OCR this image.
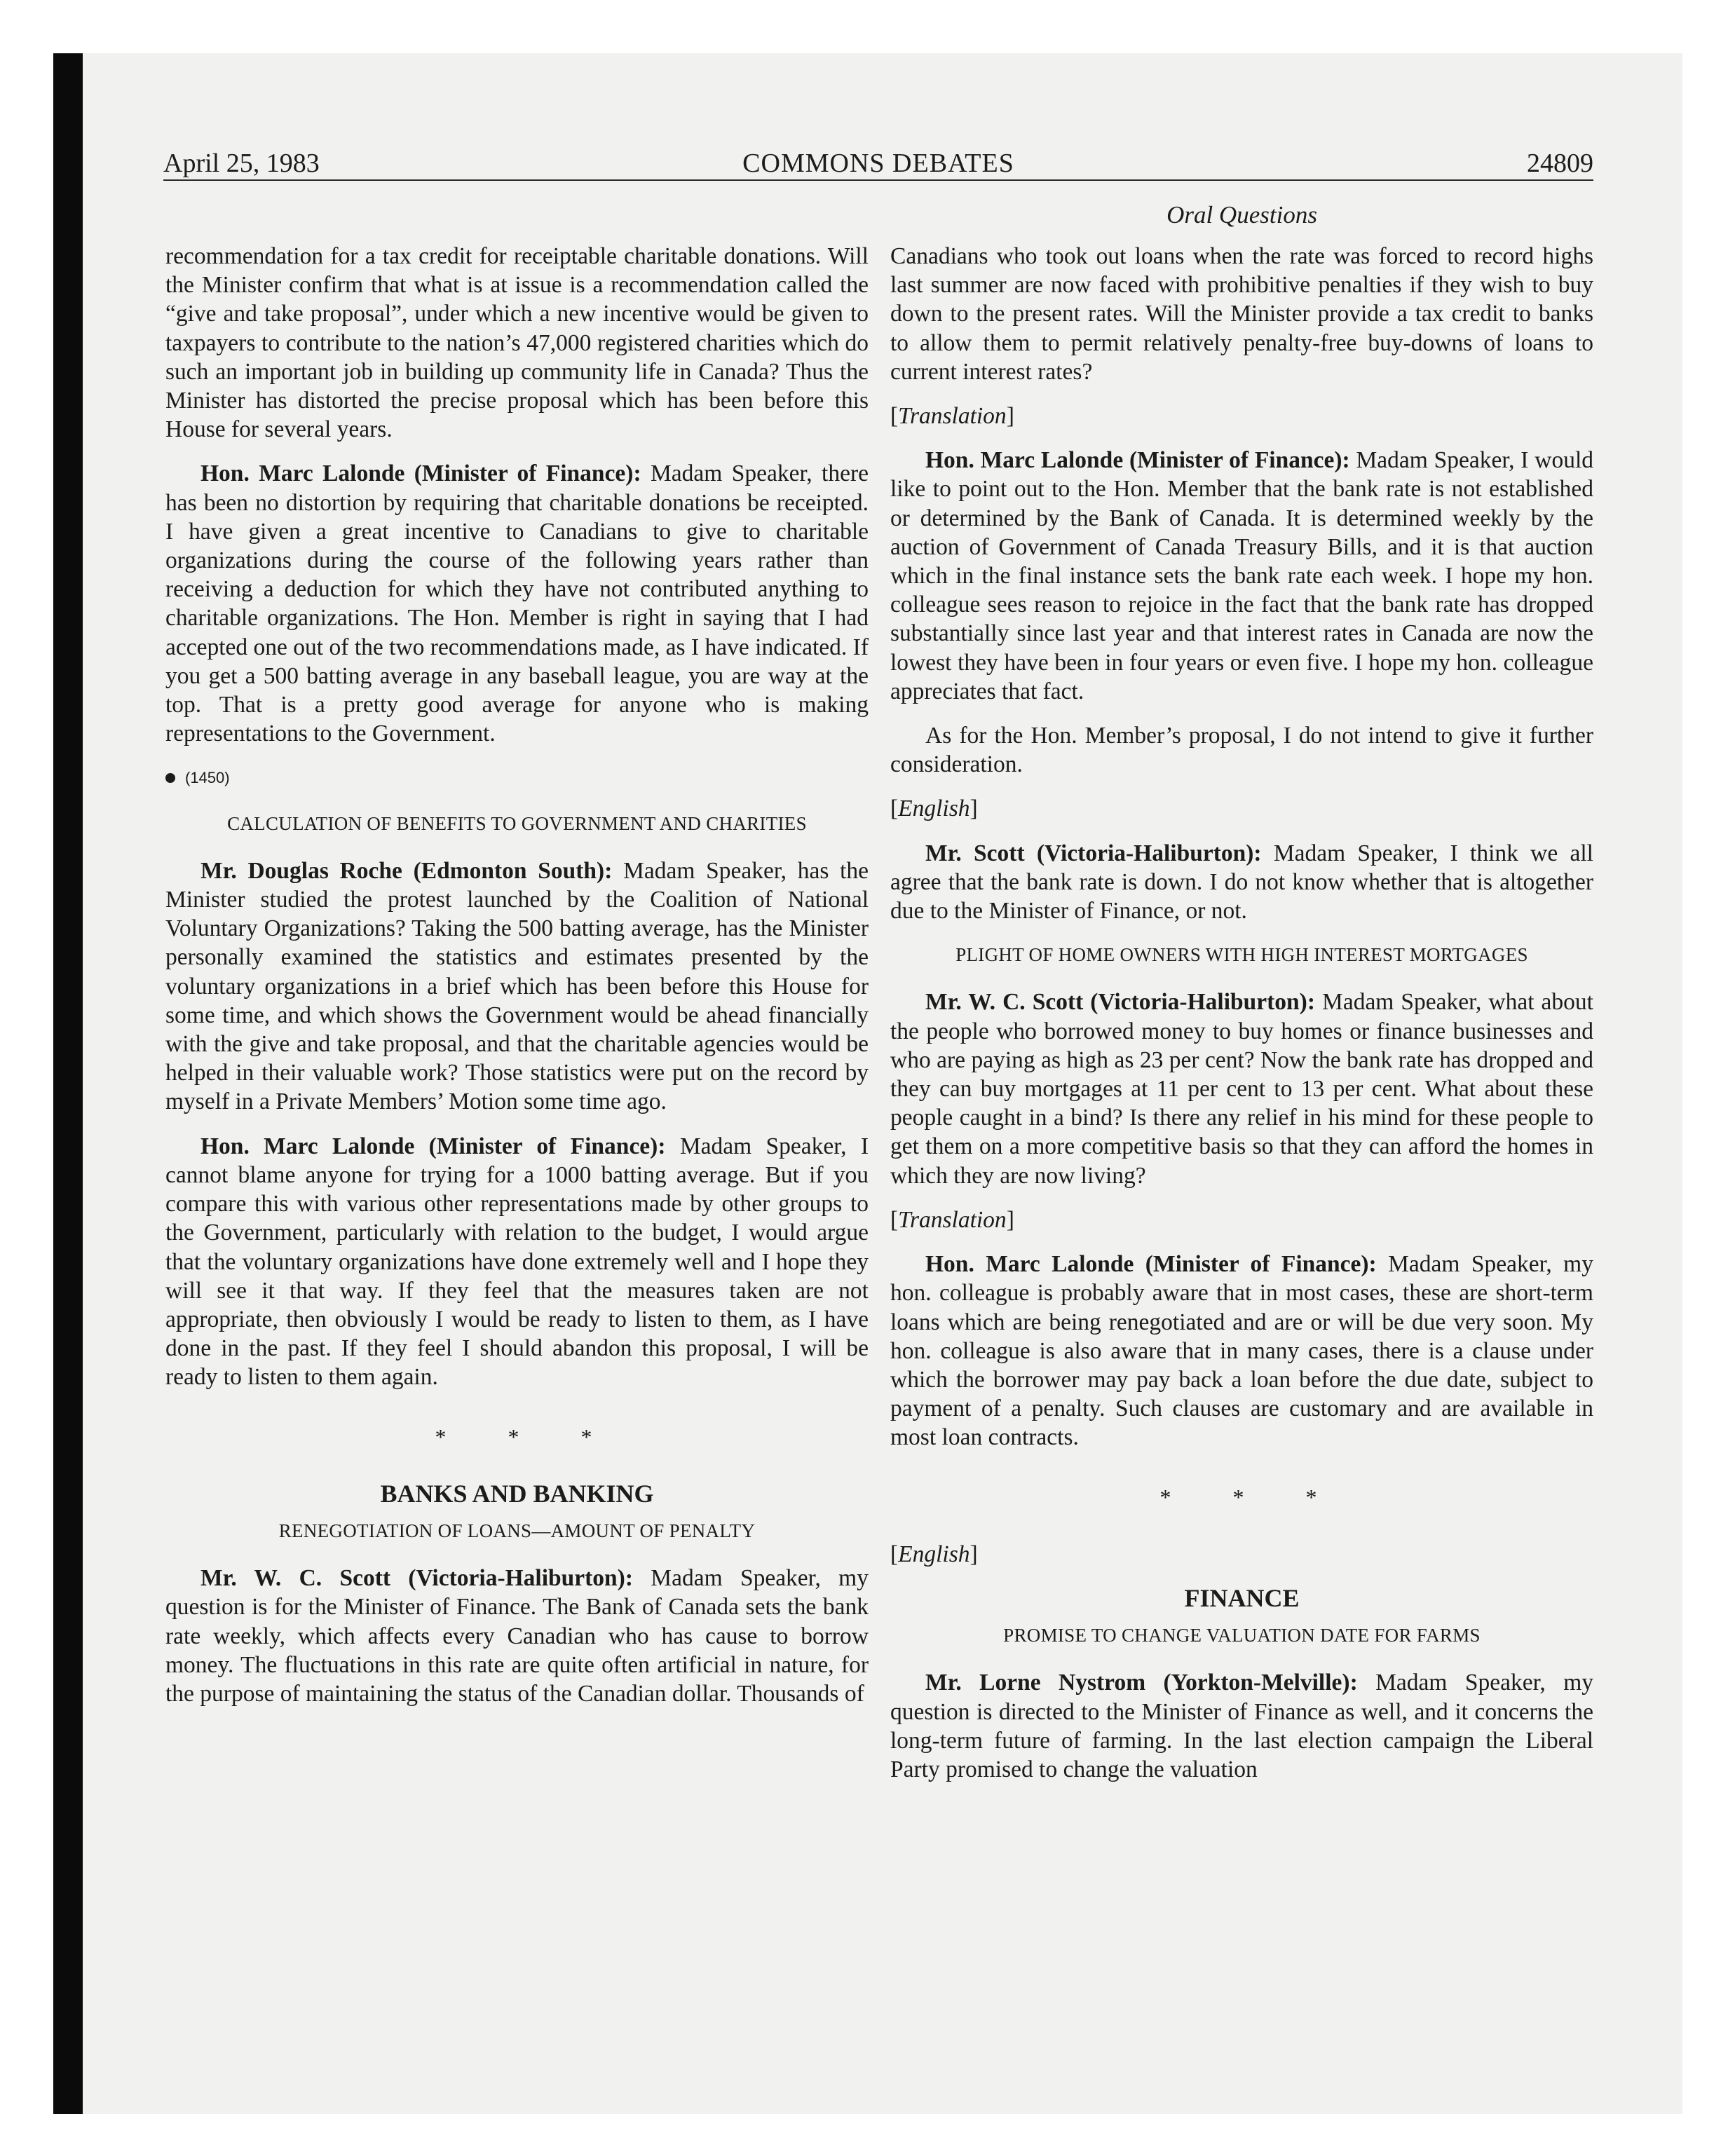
April 25, 1983	COMMONS DEBATES	24809
Oral Questions

recommendation for a tax credit for receiptable charitable donations. Will the Minister confirm that what is at issue is a recommendation called the “give and take proposal”, under which a new incentive would be given to taxpayers to contribute to the nation’s 47,000 registered charities which do such an important job in building up community life in Canada? Thus the Minister has distorted the precise proposal which has been before this House for several years.

Hon. Marc Lalonde (Minister of Finance): Madam Speaker, there has been no distortion by requiring that charitable donations be receipted. I have given a great incentive to Canadians to give to charitable organizations during the course of the following years rather than receiving a deduction for which they have not contributed anything to charitable organizations. The Hon. Member is right in saying that I had accepted one out of the two recommendations made, as I have indicated. If you get a 500 batting average in any baseball league, you are way at the top. That is a pretty good average for anyone who is making representations to the Government.

(1450)
CALCULATION OF BENEFITS TO GOVERNMENT AND CHARITIES

Mr. Douglas Roche (Edmonton South): Madam Speaker, has the Minister studied the protest launched by the Coalition of National Voluntary Organizations? Taking the 500 batting average, has the Minister personally examined the statistics and estimates presented by the voluntary organizations in a brief which has been before this House for some time, and which shows the Government would be ahead financially with the give and take proposal, and that the charitable agencies would be helped in their valuable work? Those statistics were put on the record by myself in a Private Members’ Motion some time ago.

Hon. Marc Lalonde (Minister of Finance): Madam Speaker, I cannot blame anyone for trying for a 1000 batting average. But if you compare this with various other representations made by other groups to the Government, particularly with relation to the budget, I would argue that the voluntary organizations have done extremely well and I hope they will see it that way. If they feel that the measures taken are not appropriate, then obviously I would be ready to listen to them, as I have done in the past. If they feel I should abandon this proposal, I will be ready to listen to them again.

* * *
BANKS AND BANKING
RENEGOTIATION OF LOANS—AMOUNT OF PENALTY

Mr. W. C. Scott (Victoria-Haliburton): Madam Speaker, my question is for the Minister of Finance. The Bank of Canada sets the bank rate weekly, which affects every Canadian who has cause to borrow money. The fluctuations in this rate are quite often artificial in nature, for the purpose of maintaining the status of the Canadian dollar. Thousands of

Canadians who took out loans when the rate was forced to record highs last summer are now faced with prohibitive penalties if they wish to buy down to the present rates. Will the Minister provide a tax credit to banks to allow them to permit relatively penalty-free buy-downs of loans to current interest rates?

[Translation]

Hon. Marc Lalonde (Minister of Finance): Madam Speaker, I would like to point out to the Hon. Member that the bank rate is not established or determined by the Bank of Canada. It is determined weekly by the auction of Government of Canada Treasury Bills, and it is that auction which in the final instance sets the bank rate each week. I hope my hon. colleague sees reason to rejoice in the fact that the bank rate has dropped substantially since last year and that interest rates in Canada are now the lowest they have been in four years or even five. I hope my hon. colleague appreciates that fact.

As for the Hon. Member’s proposal, I do not intend to give it further consideration.

[English]

Mr. Scott (Victoria-Haliburton): Madam Speaker, I think we all agree that the bank rate is down. I do not know whether that is altogether due to the Minister of Finance, or not.

PLIGHT OF HOME OWNERS WITH HIGH INTEREST MORTGAGES

Mr. W. C. Scott (Victoria-Haliburton): Madam Speaker, what about the people who borrowed money to buy homes or finance businesses and who are paying as high as 23 per cent? Now the bank rate has dropped and they can buy mortgages at 11 per cent to 13 per cent. What about these people caught in a bind? Is there any relief in his mind for these people to get them on a more competitive basis so that they can afford the homes in which they are now living?

[Translation]

Hon. Marc Lalonde (Minister of Finance): Madam Speaker, my hon. colleague is probably aware that in most cases, these are short-term loans which are being renegotiated and are or will be due very soon. My hon. colleague is also aware that in many cases, there is a clause under which the borrower may pay back a loan before the due date, subject to payment of a penalty. Such clauses are customary and are available in most loan contracts.

* * *
[English]
FINANCE
PROMISE TO CHANGE VALUATION DATE FOR FARMS

Mr. Lorne Nystrom (Yorkton-Melville): Madam Speaker, my question is directed to the Minister of Finance as well, and it concerns the long-term future of farming. In the last election campaign the Liberal Party promised to change the valuation
